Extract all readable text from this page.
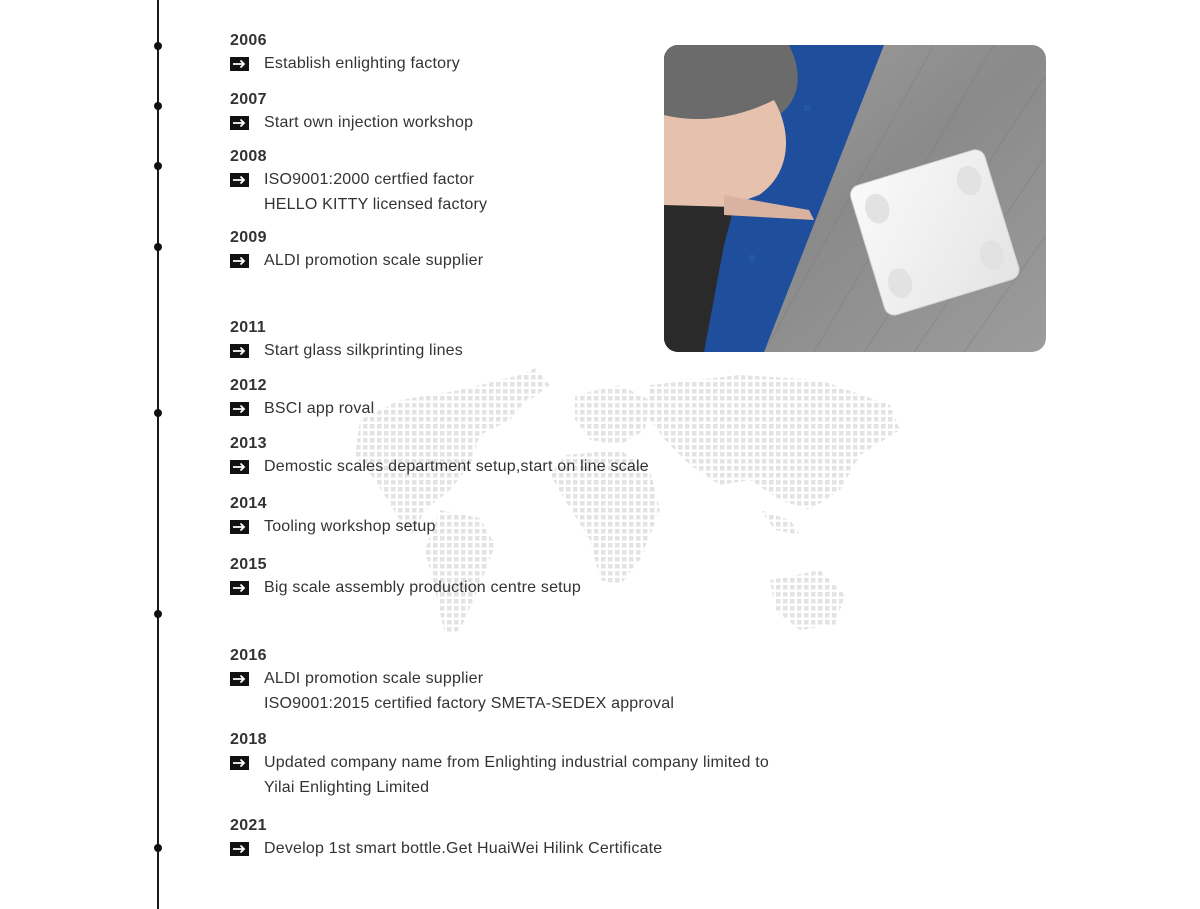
2006
Establish enlighting factory
2007
Start own injection workshop
2008
ISO9001:2000 certfied factor
HELLO KITTY licensed factory
2009
ALDI promotion scale supplier
2011
Start glass silkprinting lines
2012
BSCI app roval
2013
Demostic scales department setup,start on line scale
2014
Tooling workshop setup
2015
Big scale assembly production centre setup
2016
ALDI promotion scale supplier
ISO9001:2015 certified factory SMETA-SEDEX approval
2018
Updated company name from Enlighting industrial company limited to
Yilai Enlighting Limited
2021
Develop 1st smart bottle.Get HuaiWei Hilink Certificate
